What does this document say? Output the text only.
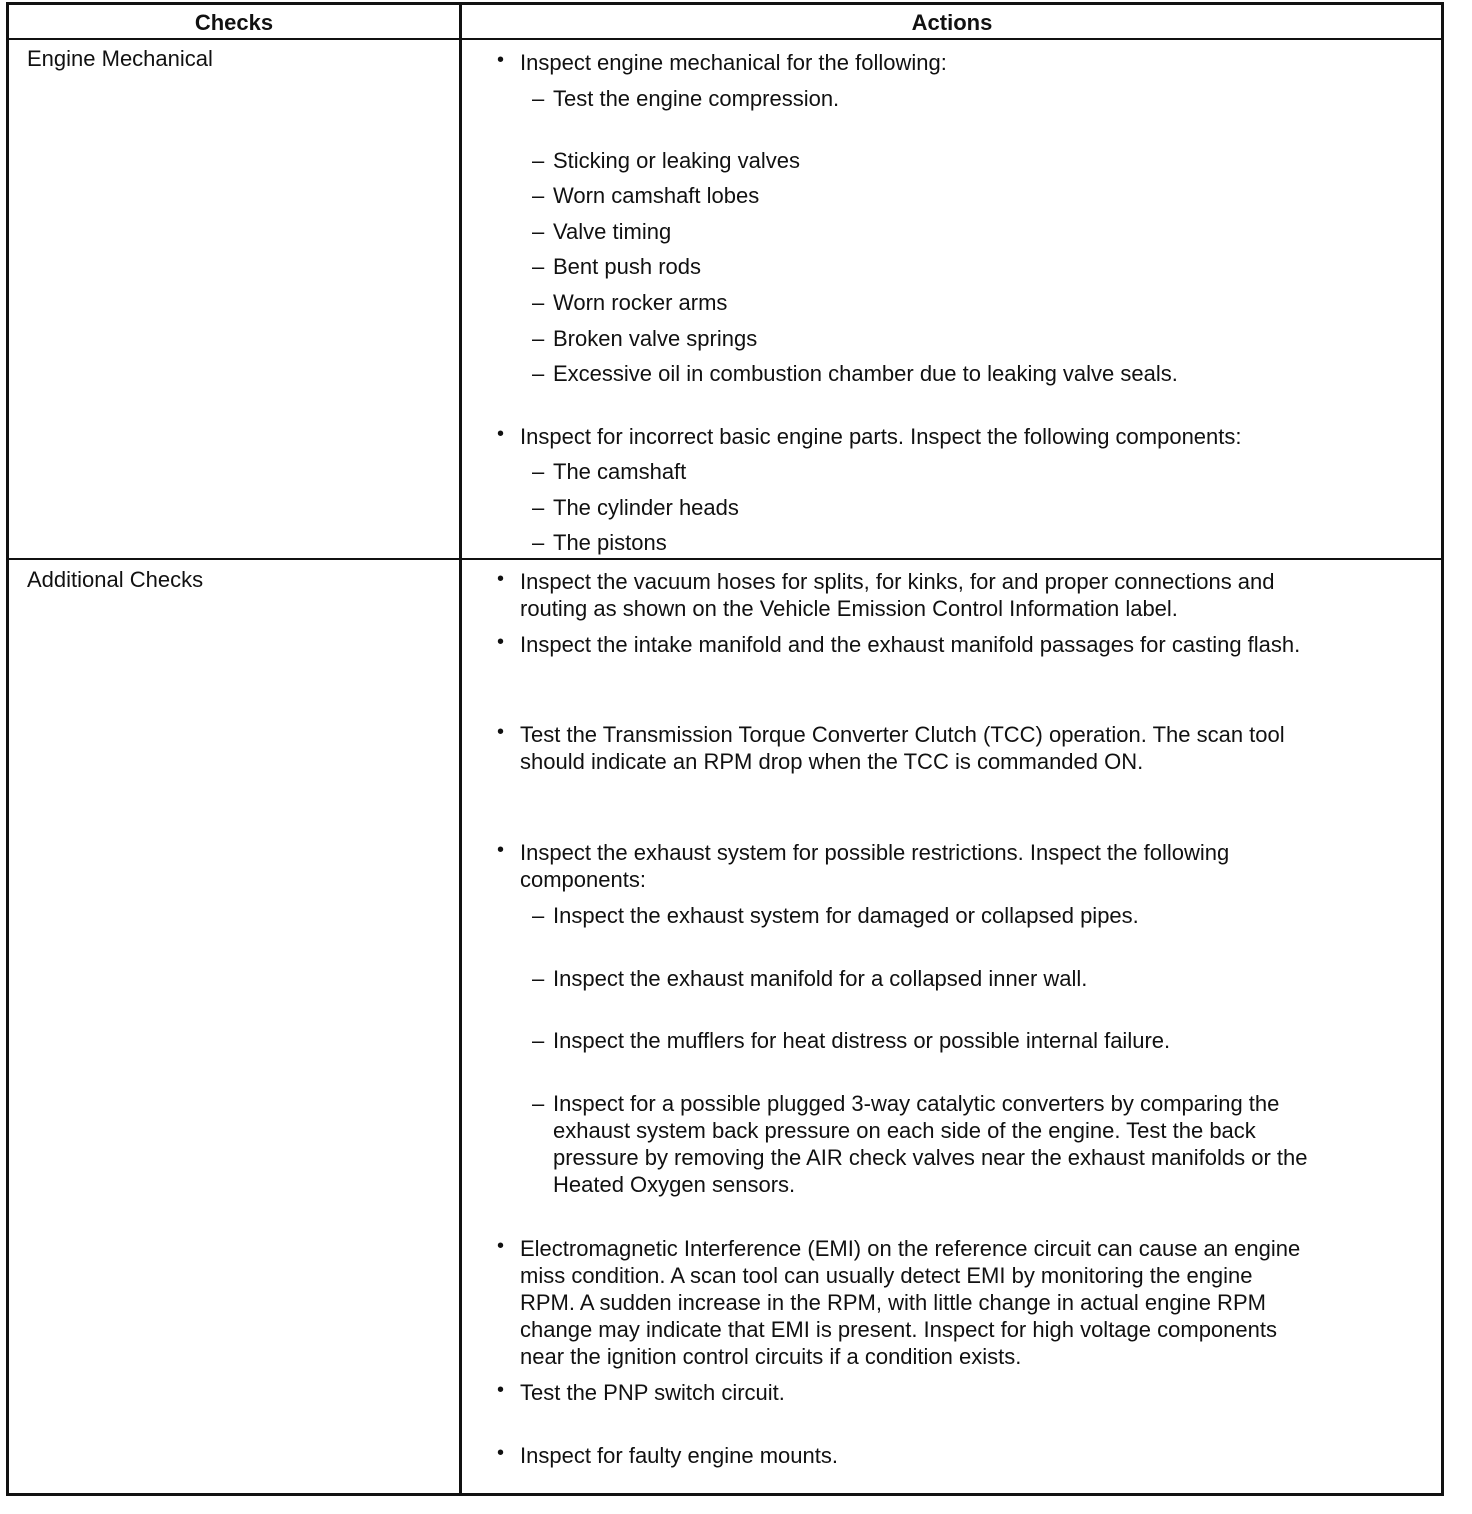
Checks	Actions
Engine Mechanical
Additional Checks
• Inspect engine mechanical for the following:
– Test the engine compression.
– Sticking or leaking valves
– Worn camshaft lobes
– Valve timing
– Bent push rods
– Worn rocker arms
– Broken valve springs
– Excessive oil in combustion chamber due to leaking valve seals.
• Inspect for incorrect basic engine parts. Inspect the following components:
– The camshaft
– The cylinder heads
– The pistons
• Inspect the vacuum hoses for splits, for kinks, for and proper connections and
routing as shown on the Vehicle Emission Control Information label.
• Inspect the intake manifold and the exhaust manifold passages for casting flash.
• Test the Transmission Torque Converter Clutch (TCC) operation. The scan tool
should indicate an RPM drop when the TCC is commanded ON.
• Inspect the exhaust system for possible restrictions. Inspect the following
components:
– Inspect the exhaust system for damaged or collapsed pipes.
– Inspect the exhaust manifold for a collapsed inner wall.
– Inspect the mufflers for heat distress or possible internal failure.
– Inspect for a possible plugged 3-way catalytic converters by comparing the
exhaust system back pressure on each side of the engine. Test the back
pressure by removing the AIR check valves near the exhaust manifolds or the
Heated Oxygen sensors.
• Electromagnetic Interference (EMI) on the reference circuit can cause an engine
miss condition. A scan tool can usually detect EMI by monitoring the engine
RPM. A sudden increase in the RPM, with little change in actual engine RPM
change may indicate that EMI is present. Inspect for high voltage components
near the ignition control circuits if a condition exists.
• Test the PNP switch circuit.
• Inspect for faulty engine mounts.
